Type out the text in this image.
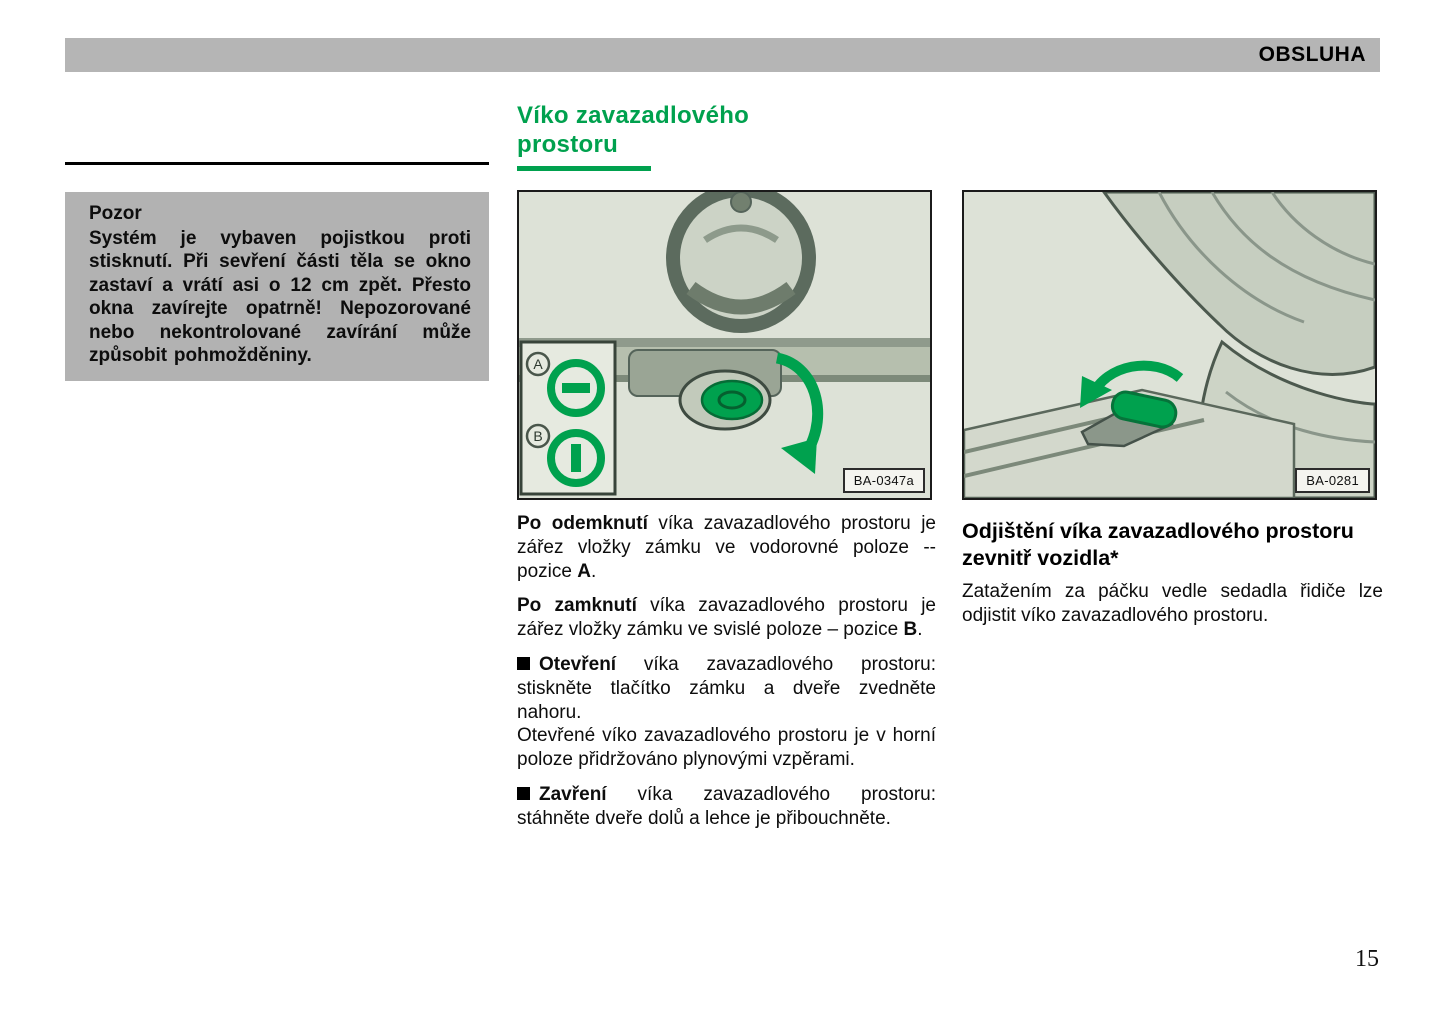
OBSLUHA
Víko zavazadlového
prostoru
Pozor
Systém je vybaven pojistkou proti stisknutí. Při sevření části těla se okno zastaví a vrátí asi o 12 cm zpět. Přesto okna zavírejte opatrně! Nepozorované nebo nekontrolované zavírání může způsobit pohmožděniny.	A
B
BA-0347a	BA-0281

Po odemknutí víka zavazadlového prostoru je zářez vložky zámku ve vodorovné poloze -- pozice A.

Po zamknutí víka zavazadlového prostoru je zářez vložky zámku ve svislé poloze – pozice B.

Otevření víka zavazadlového prostoru: stiskněte tlačítko zámku a dveře zvedněte nahoru.

Otevřené víko zavazadlového prostoru je v horní poloze přidržováno plynovými vzpěrami.

Zavření víka zavazadlového prostoru: stáhněte dveře dolů a lehce je přibouchněte.

Odjištění víka zavazadlového prostoru zevnitř vozidla*

Zatažením za páčku vedle sedadla řidiče lze odjistit víko zavazadlového prostoru.

15
